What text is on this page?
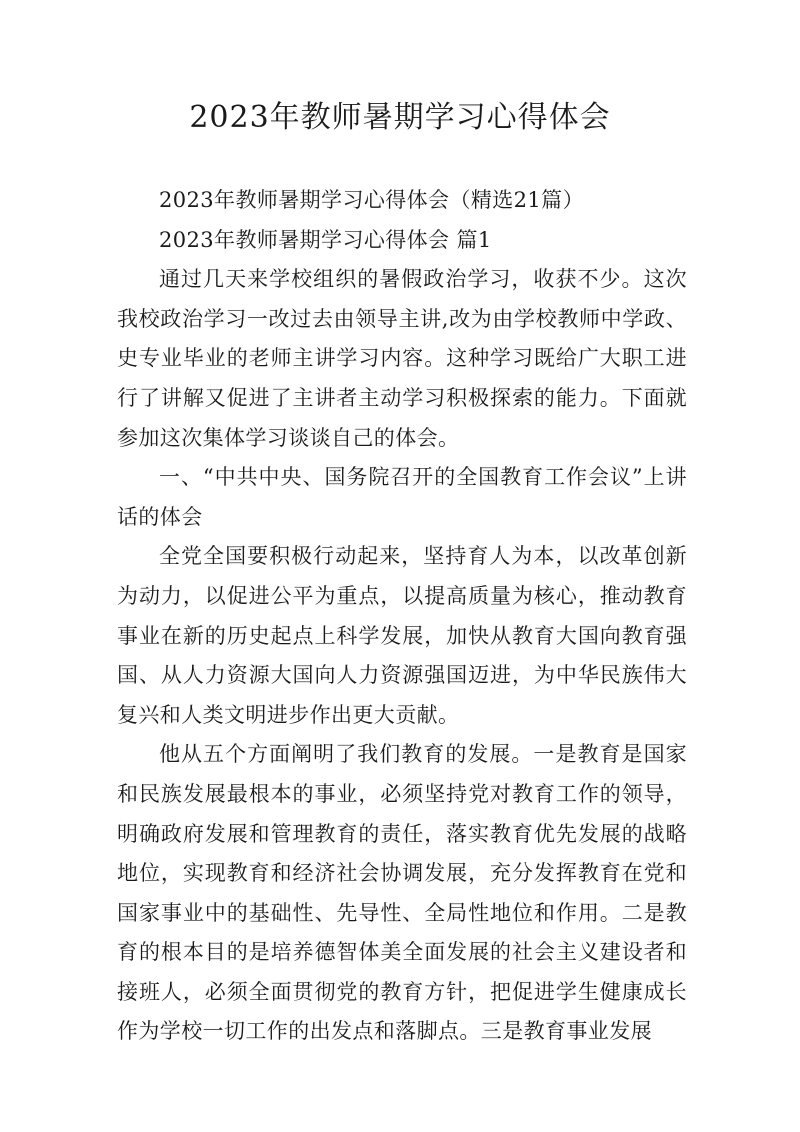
2023年教师暑期学习心得体会

2023年教师暑期学习心得体会（精选21篇）

2023年教师暑期学习心得体会 篇1

通过几天来学校组织的暑假政治学习，收获不少。这次我校政治学习一改过去由领导主讲,改为由学校教师中学政、史专业毕业的老师主讲学习内容。这种学习既给广大职工进行了讲解又促进了主讲者主动学习积极探索的能力。下面就参加这次集体学习谈谈自己的体会。

一、“中共中央、国务院召开的全国教育工作会议”上讲话的体会

全党全国要积极行动起来，坚持育人为本，以改革创新为动力，以促进公平为重点，以提高质量为核心，推动教育事业在新的历史起点上科学发展，加快从教育大国向教育强国、从人力资源大国向人力资源强国迈进，为中华民族伟大复兴和人类文明进步作出更大贡献。

他从五个方面阐明了我们教育的发展。一是教育是国家和民族发展最根本的事业，必须坚持党对教育工作的领导，明确政府发展和管理教育的责任，落实教育优先发展的战略地位，实现教育和经济社会协调发展，充分发挥教育在党和国家事业中的基础性、先导性、全局性地位和作用。二是教育的根本目的是培养德智体美全面发展的社会主义建设者和接班人，必须全面贯彻党的教育方针，把促进学生健康成长作为学校一切工作的出发点和落脚点。三是教育事业发展
